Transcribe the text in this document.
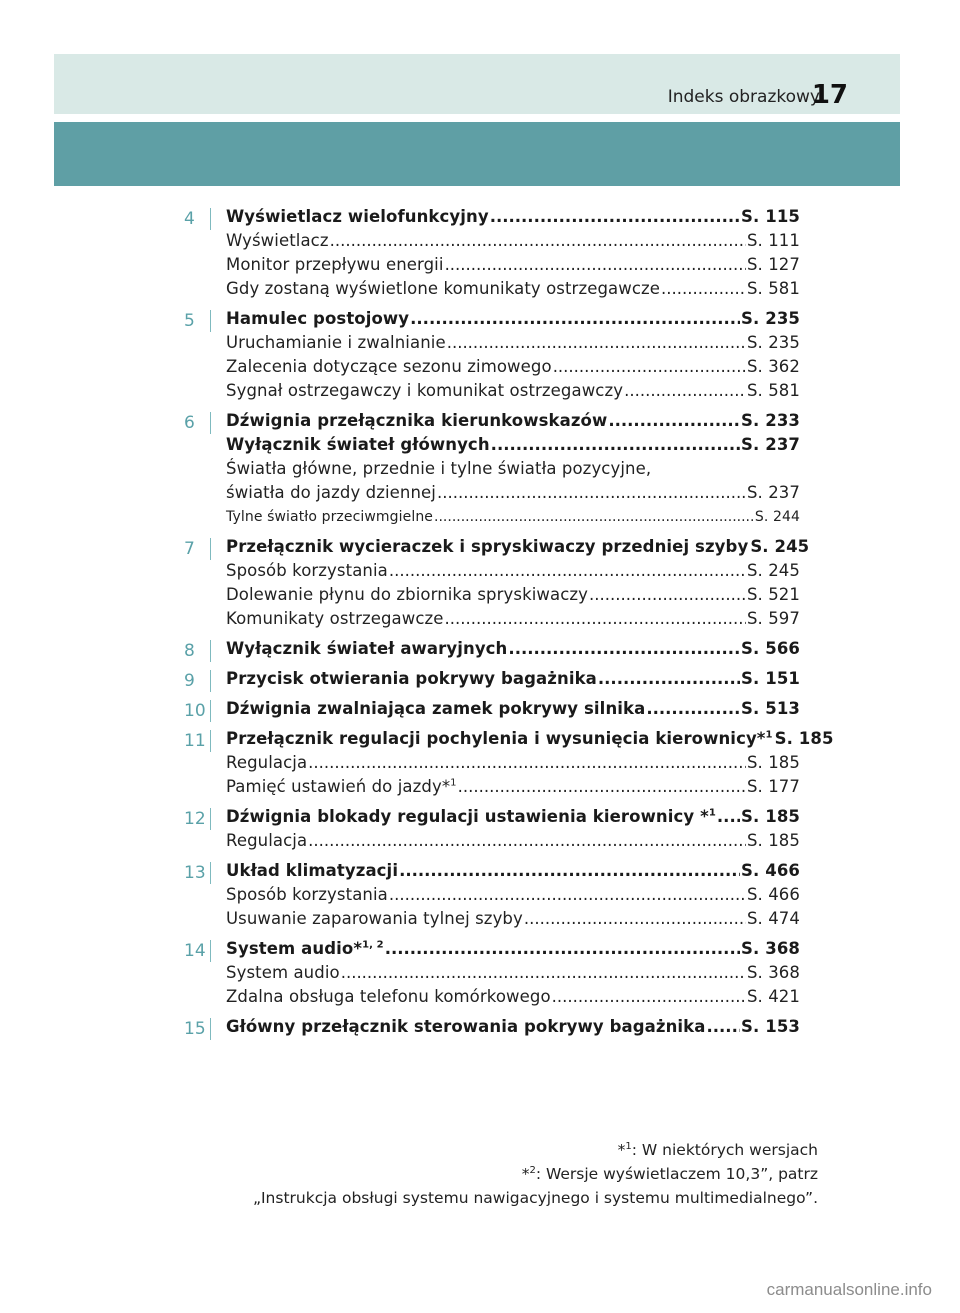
Indeks obrazkowy
17
4	Wyświetlacz wielofunkcyjny .....	S. 115
Wyświetlacz .....	S. 111
Monitor przepływu energii .....	S. 127
Gdy zostaną wyświetlone komunikaty ostrzegawcze .....	S. 581
5	Hamulec postojowy .....	S. 235
Uruchamianie i zwalnianie .....	S. 235
Zalecenia dotyczące sezonu zimowego .....	S. 362
Sygnał ostrzegawczy i komunikat ostrzegawczy .....	S. 581
6	Dźwignia przełącznika kierunkowskazów .....	S. 233
Wyłącznik świateł głównych .....	S. 237
Światła główne, przednie i tylne światła pozycyjne,
światła do jazdy dziennej .....	S. 237
Tylne światło przeciwmgielne .....	S. 244
7	Przełącznik wycieraczek i spryskiwaczy przedniej szyby S. 245
Sposób korzystania .....	S. 245
Dolewanie płynu do zbiornika spryskiwaczy .....	S. 521
Komunikaty ostrzegawcze .....	S. 597
8	Wyłącznik świateł awaryjnych .....	S. 566
9	Przycisk otwierania pokrywy bagażnika .....	S. 151
10	Dźwignia zwalniająca zamek pokrywy silnika .....	S. 513
11	Przełącznik regulacji pochylenia i wysunięcia kierownicy*$^1$ S. 185
Regulacja .....	S. 185
Pamięć ustawień do jazdy*$^1$ .....	S. 177
12	Dźwignia blokady regulacji ustawienia kierownicy *$^1$ ..... S. 185
Regulacja .....	S. 185
13	Układ klimatyzacji .....	S. 466
Sposób korzystania .....	S. 466
Usuwanie zaparowania tylnej szyby .....	S. 474
14	System audio*$^{1, 2}$ .....	S. 368
System audio .....	S. 368
Zdalna obsługa telefonu komórkowego .....	S. 421
15	Główny przełącznik sterowania pokrywy bagażnika ..... S. 153
*$^1$: W niektórych wersjach
*$^2$: Wersje wyświetlaczem 10,3”, patrz
„Instrukcja obsługi systemu nawigacyjnego i systemu multimedialnego”.
carmanualsonline.info
